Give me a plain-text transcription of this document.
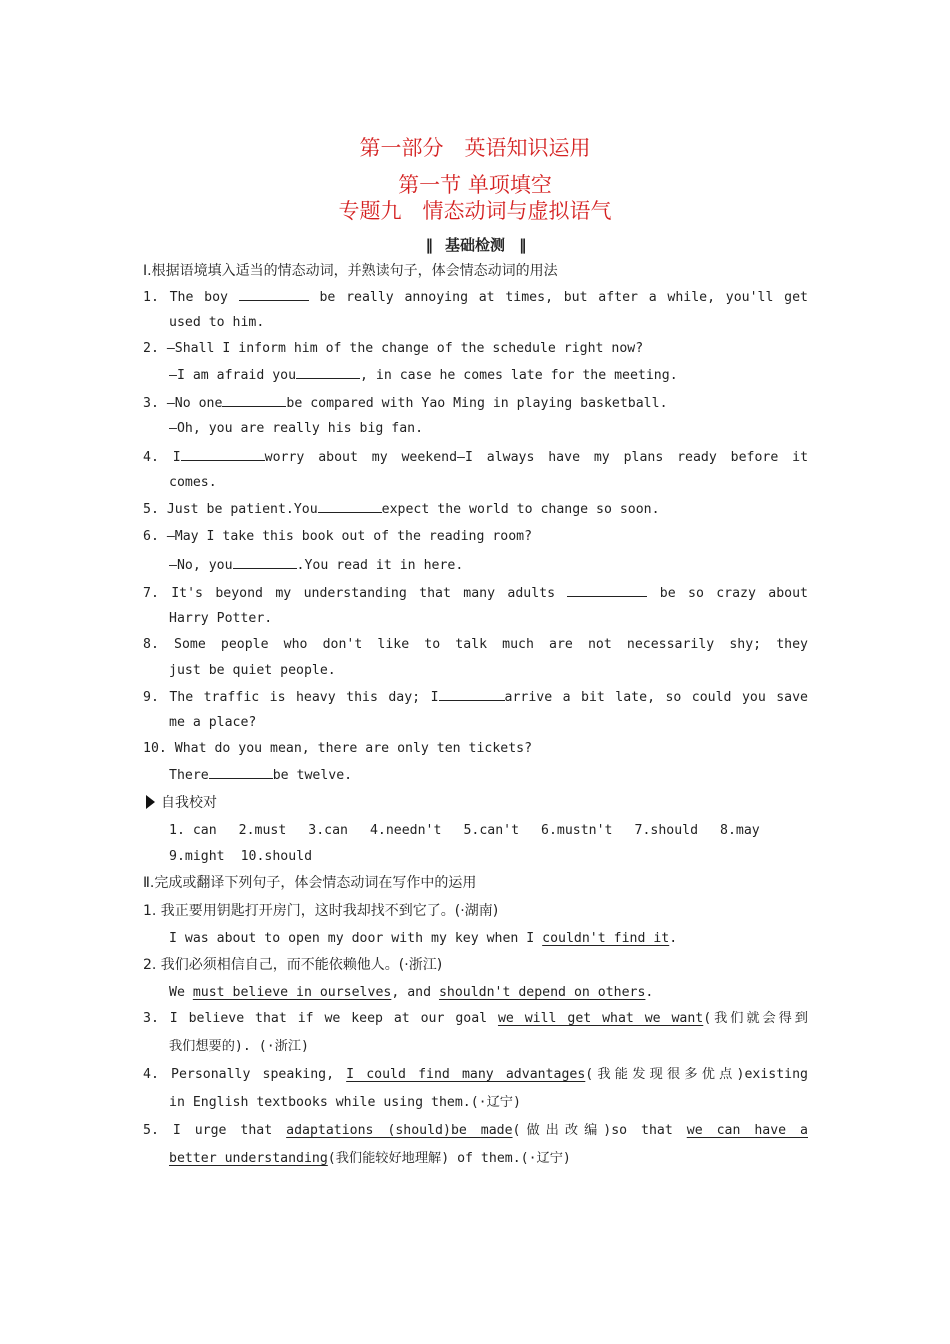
第一部分　英语知识运用
第一节 单项填空
专题九　情态动词与虚拟语气
‖ 基础检测 ‖
Ⅰ.根据语境填入适当的情态动词，并熟读句子，体会情态动词的用法
1. The boy	be really annoying at times, but after a while, you'll get
used to him.
2. —Shall I inform him of the change of the schedule right now?
—I am afraid you	, in case he comes late for the meeting.
3. —No one	be compared with Yao Ming in playing basketball.
—Oh, you are really his big fan.
4. I	worry about my weekend—I always have my plans ready before it
comes.
5. Just be patient.You	expect the world to change so soon.
6. —May I take this book out of the reading room?
—No, you	.You read it in here.
7. It's beyond my understanding that many adults	be so crazy about
Harry Potter.
8. Some people who don't like to talk much are not necessarily shy; they
just be quiet people.
9. The traffic is heavy this day; I	arrive a bit late, so could you save
me a place?
10. What do you mean, there are only ten tickets?
There	be twelve.
自我校对
1. can 2.must 3.can 4.needn't 5.can't 6.mustn't 7.should 8.may
9.might 10.should
Ⅱ.完成或翻译下列句子，体会情态动词在写作中的运用
1. 我正要用钥匙打开房门，这时我却找不到它了。(·湖南)
I was about to open my door with my key when I couldn't find it.
2. 我们必须相信自己，而不能依赖他人。(·浙江)
We must believe in ourselves, and shouldn't depend on others.
3. I believe that if we keep at our goal we will get what we want(我们就会得到
我们想要的). (·浙江)
4. Personally speaking, I could find many advantages(我能发现很多优点)existing
in English textbooks while using them.(·辽宁)
5. I urge that adaptations (should)be made(做出改编)so that we can have a
better understanding(我们能较好地理解) of them.(·辽宁)
